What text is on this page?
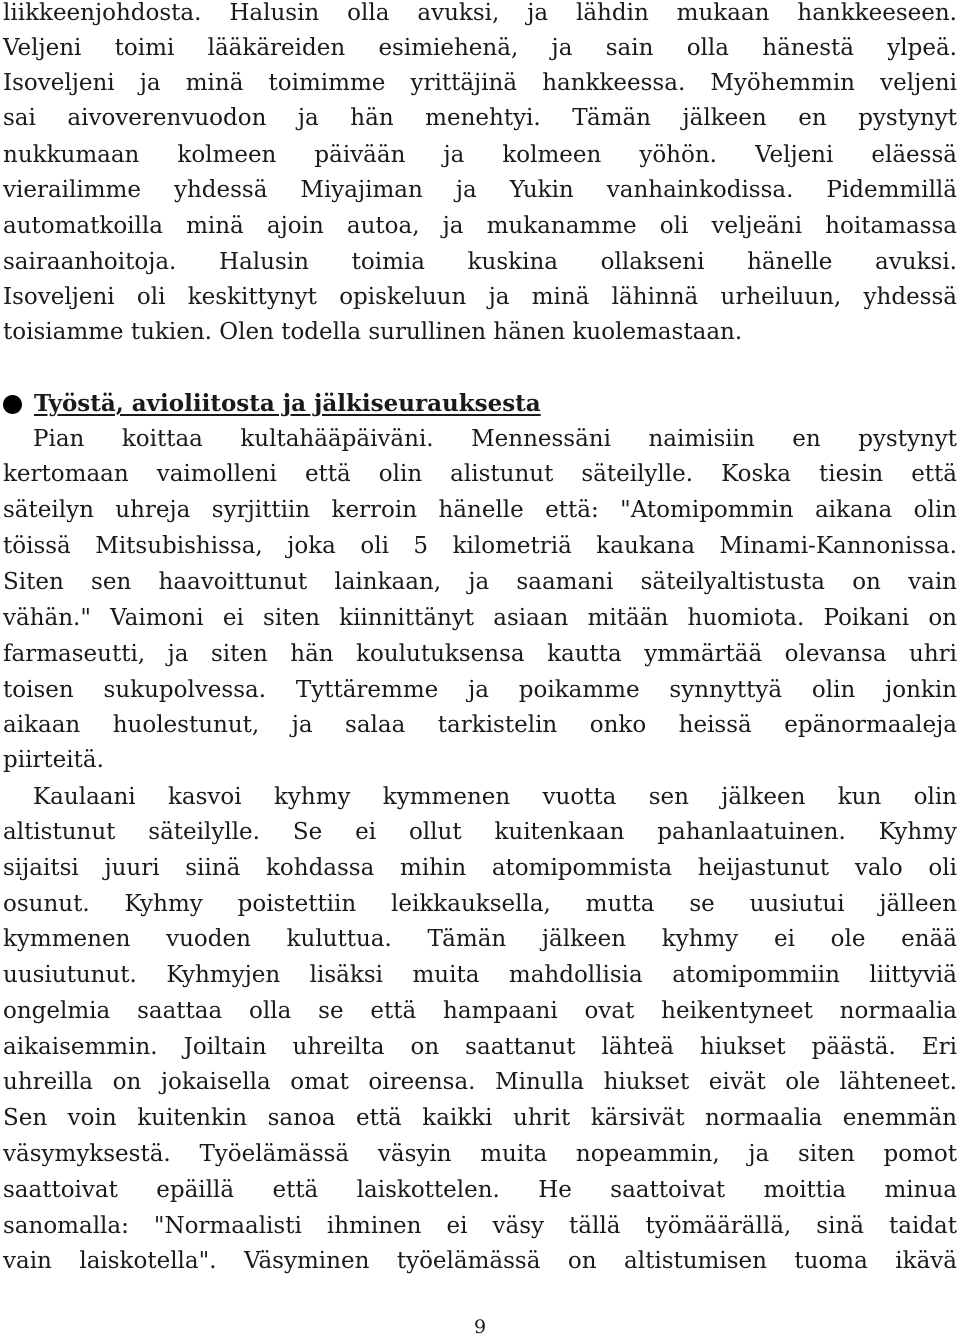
liikkeenjohdosta. Halusin olla avuksi, ja lähdin mukaan hankkeeseen.
Veljeni toimi lääkäreiden esimiehenä, ja sain olla hänestä ylpeä.
Isoveljeni ja minä toimimme yrittäjinä hankkeessa. Myöhemmin veljeni
sai aivoverenvuodon ja hän menehtyi. Tämän jälkeen en pystynyt
nukkumaan kolmeen päivään ja kolmeen yöhön. Veljeni eläessä
vierailimme yhdessä Miyajiman ja Yukin vanhainkodissa. Pidemmillä
automatkoilla minä ajoin autoa, ja mukanamme oli veljeäni hoitamassa
sairaanhoitoja. Halusin toimia kuskina ollakseni hänelle avuksi.
Isoveljeni oli keskittynyt opiskeluun ja minä lähinnä urheiluun, yhdessä
toisiamme tukien. Olen todella surullinen hänen kuolemastaan.
Työstä, avioliitosta ja jälkiseurauksesta
Pian koittaa kultahääpäiväni. Mennessäni naimisiin en pystynyt
kertomaan vaimolleni että olin alistunut säteilylle. Koska tiesin että
säteilyn uhreja syrjittiin kerroin hänelle että: "Atomipommin aikana olin
töissä Mitsubishissa, joka oli 5 kilometriä kaukana Minami-Kannonissa.
Siten sen haavoittunut lainkaan, ja saamani säteilyaltistusta on vain
vähän." Vaimoni ei siten kiinnittänyt asiaan mitään huomiota. Poikani on
farmaseutti, ja siten hän koulutuksensa kautta ymmärtää olevansa uhri
toisen sukupolvessa. Tyttäremme ja poikamme synnyttyä olin jonkin
aikaan huolestunut, ja salaa tarkistelin onko heissä epänormaaleja
piirteitä.
Kaulaani kasvoi kyhmy kymmenen vuotta sen jälkeen kun olin
altistunut säteilylle. Se ei ollut kuitenkaan pahanlaatuinen. Kyhmy
sijaitsi juuri siinä kohdassa mihin atomipommista heijastunut valo oli
osunut. Kyhmy poistettiin leikkauksella, mutta se uusiutui jälleen
kymmenen vuoden kuluttua. Tämän jälkeen kyhmy ei ole enää
uusiutunut. Kyhmyjen lisäksi muita mahdollisia atomipommiin liittyviä
ongelmia saattaa olla se että hampaani ovat heikentyneet normaalia
aikaisemmin. Joiltain uhreilta on saattanut lähteä hiukset päästä. Eri
uhreilla on jokaisella omat oireensa. Minulla hiukset eivät ole lähteneet.
Sen voin kuitenkin sanoa että kaikki uhrit kärsivät normaalia enemmän
väsymyksestä. Työelämässä väsyin muita nopeammin, ja siten pomot
saattoivat epäillä että laiskottelen. He saattoivat moittia minua
sanomalla: "Normaalisti ihminen ei väsy tällä työmäärällä, sinä taidat
vain laiskotella". Väsyminen työelämässä on altistumisen tuoma ikävä
9
